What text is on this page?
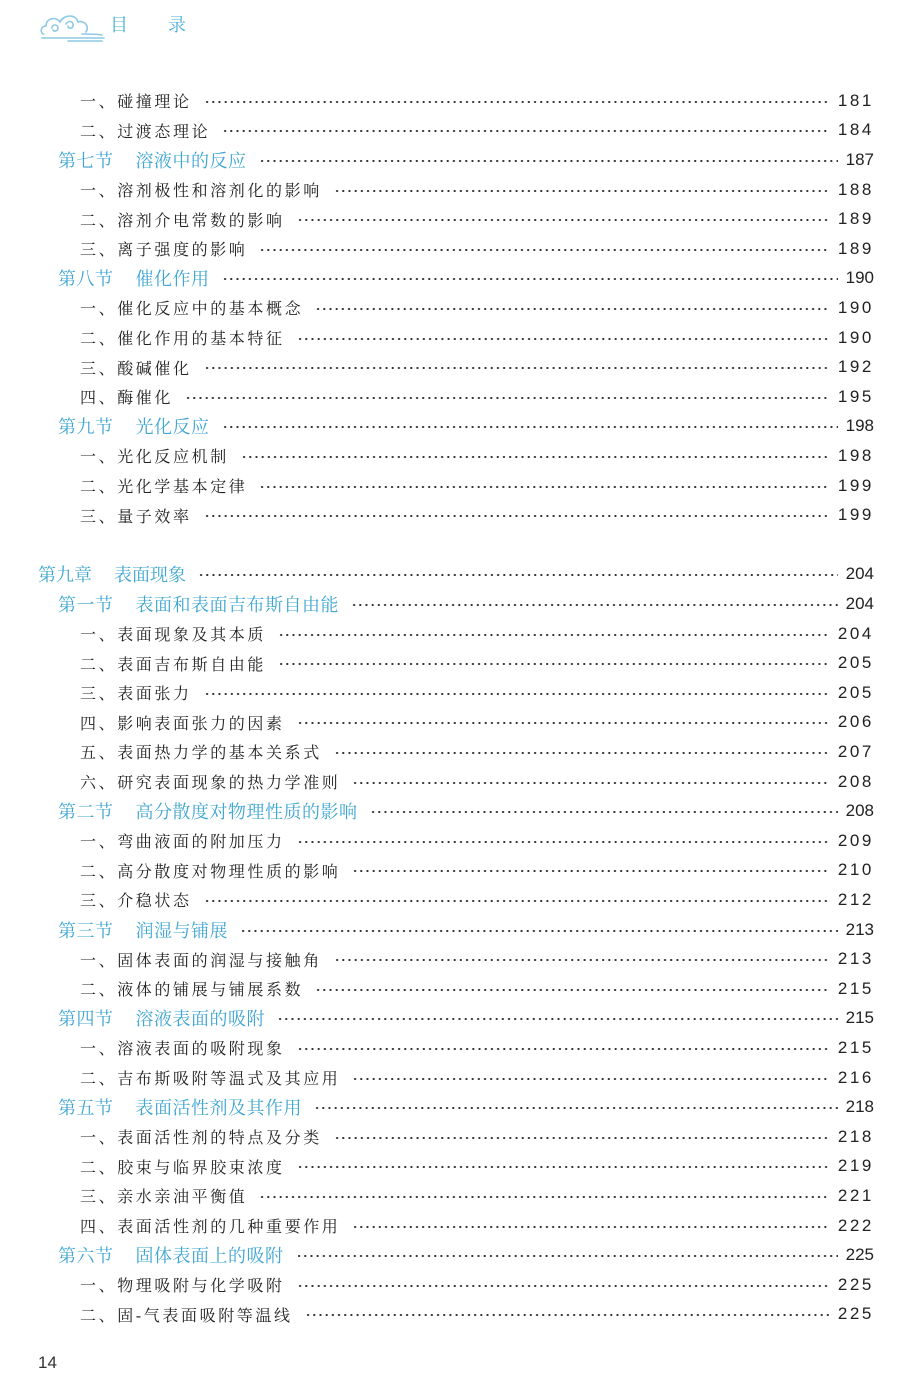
目 录
一、碰撞理论	181
二、过渡态理论	184
第七节 溶液中的反应	187
一、溶剂极性和溶剂化的影响	188
二、溶剂介电常数的影响	189
三、离子强度的影响	189
第八节 催化作用	190
一、催化反应中的基本概念	190
二、催化作用的基本特征	190
三、酸碱催化	192
四、酶催化	195
第九节 光化反应	198
一、光化反应机制	198
二、光化学基本定律	199
三、量子效率	199
第九章 表面现象	204
第一节 表面和表面吉布斯自由能	204
一、表面现象及其本质	204
二、表面吉布斯自由能	205
三、表面张力	205
四、影响表面张力的因素	206
五、表面热力学的基本关系式	207
六、研究表面现象的热力学准则	208
第二节 高分散度对物理性质的影响	208
一、弯曲液面的附加压力	209
二、高分散度对物理性质的影响	210
三、介稳状态	212
第三节 润湿与铺展	213
一、固体表面的润湿与接触角	213
二、液体的铺展与铺展系数	215
第四节 溶液表面的吸附	215
一、溶液表面的吸附现象	215
二、吉布斯吸附等温式及其应用	216
第五节 表面活性剂及其作用	218
一、表面活性剂的特点及分类	218
二、胶束与临界胶束浓度	219
三、亲水亲油平衡值	221
四、表面活性剂的几种重要作用	222
第六节 固体表面上的吸附	225
一、物理吸附与化学吸附	225
二、固-气表面吸附等温线	225
14
